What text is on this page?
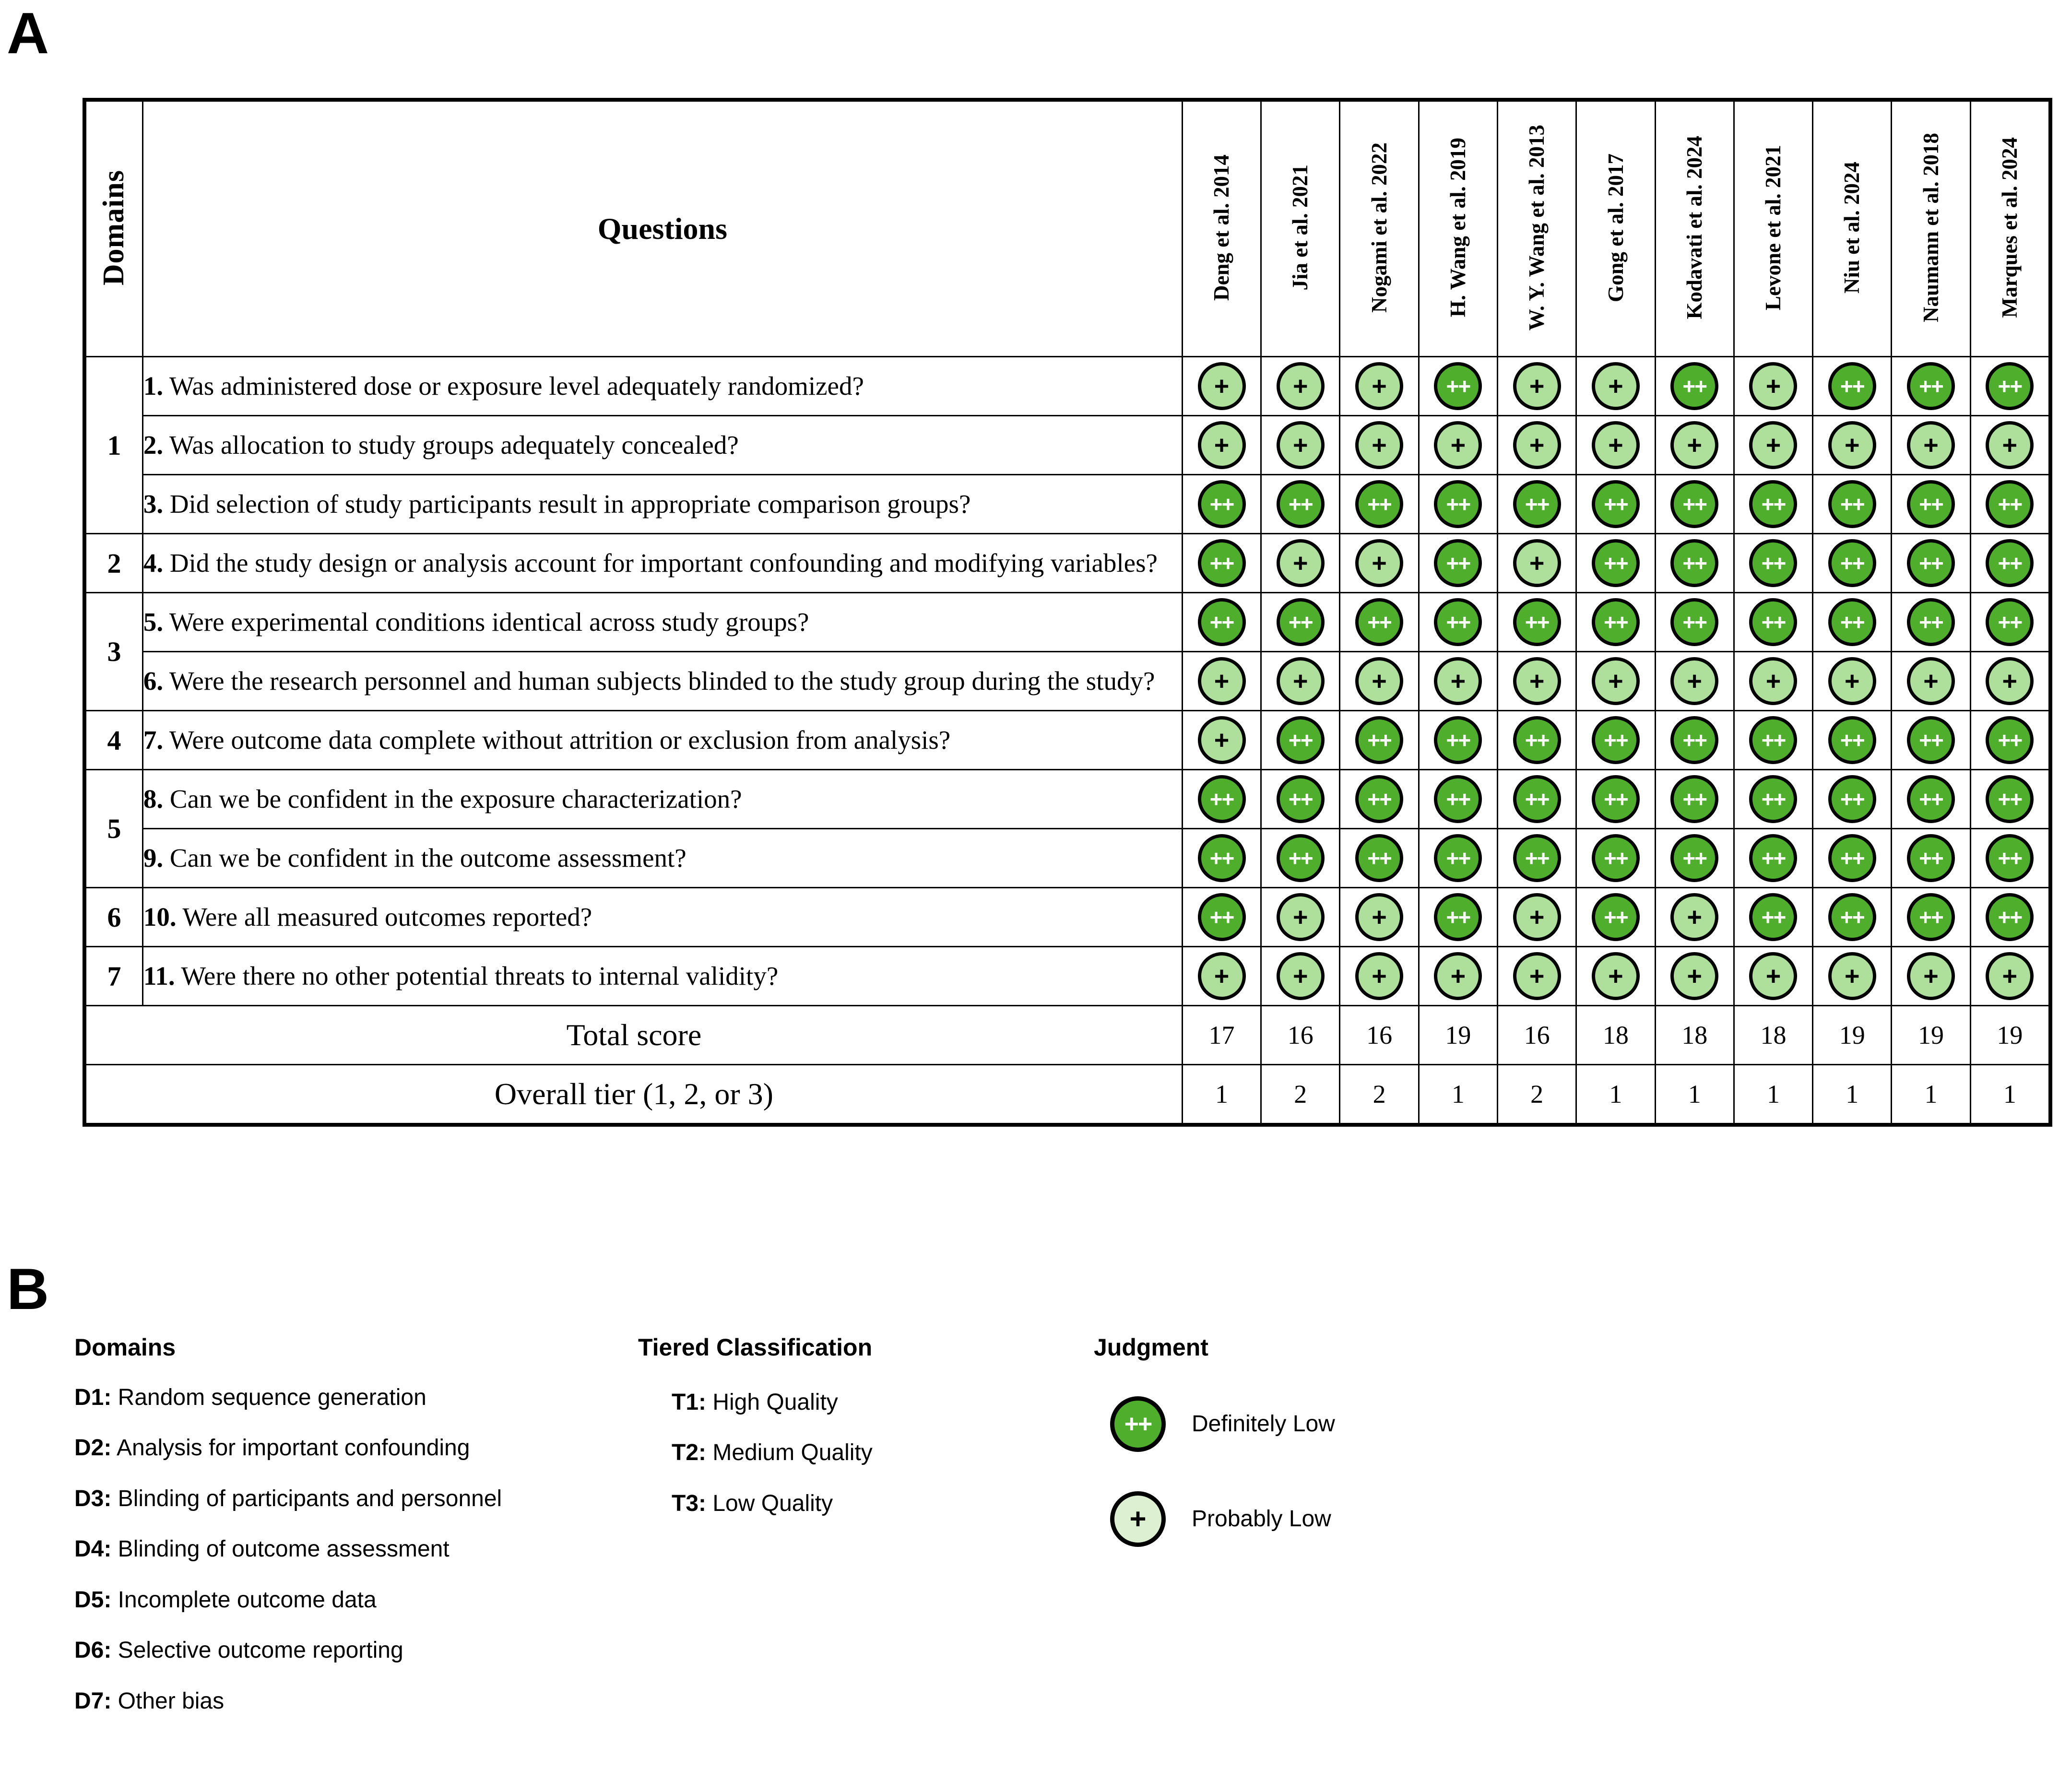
A
Domains	Questions	Deng et al. 2014	Jia et al. 2021	Nogami et al. 2022	H. Wang et al. 2019	W. Y. Wang et al. 2013	Gong et al. 2017	Kodavati et al. 2024	Levone et al. 2021	Niu et al. 2024	Naumann et al. 2018	Marques et al. 2024
1	1. Was administered dose or exposure level adequately randomized?	+	+	+	++	+	+	++	+	++	++	++
	2. Was allocation to study groups adequately concealed?	+	+	+	+	+	+	+	+	+	+	+
	3. Did selection of study participants result in appropriate comparison groups?	++	++	++	++	++	++	++	++	++	++	++
2	4. Did the study design or analysis account for important confounding and modifying variables?	++	+	+	++	+	++	++	++	++	++	++
3	5. Were experimental conditions identical across study groups?	++	++	++	++	++	++	++	++	++	++	++
	6. Were the research personnel and human subjects blinded to the study group during the study?	+	+	+	+	+	+	+	+	+	+	+
4	7. Were outcome data complete without attrition or exclusion from analysis?	+	++	++	++	++	++	++	++	++	++	++
5	8. Can we be confident in the exposure characterization?	++	++	++	++	++	++	++	++	++	++	++
	9. Can we be confident in the outcome assessment?	++	++	++	++	++	++	++	++	++	++	++
6	10. Were all measured outcomes reported?	++	+	+	++	+	++	+	++	++	++	++
7	11. Were there no other potential threats to internal validity?	+	+	+	+	+	+	+	+	+	+	+
Total score		17	16	16	19	16	18	18	18	19	19	19
Overall tier (1, 2, or 3)		1	2	2	1	2	1	1	1	1	1	1
B
Domains
D1: Random sequence generation
D2: Analysis for important confounding
D3: Blinding of participants and personnel
D4: Blinding of outcome assessment
D5: Incomplete outcome data
D6: Selective outcome reporting
D7: Other bias
Tiered Classification
T1: High Quality
T2: Medium Quality
T3: Low Quality
Judgment
++	Definitely Low
+	Probably Low
